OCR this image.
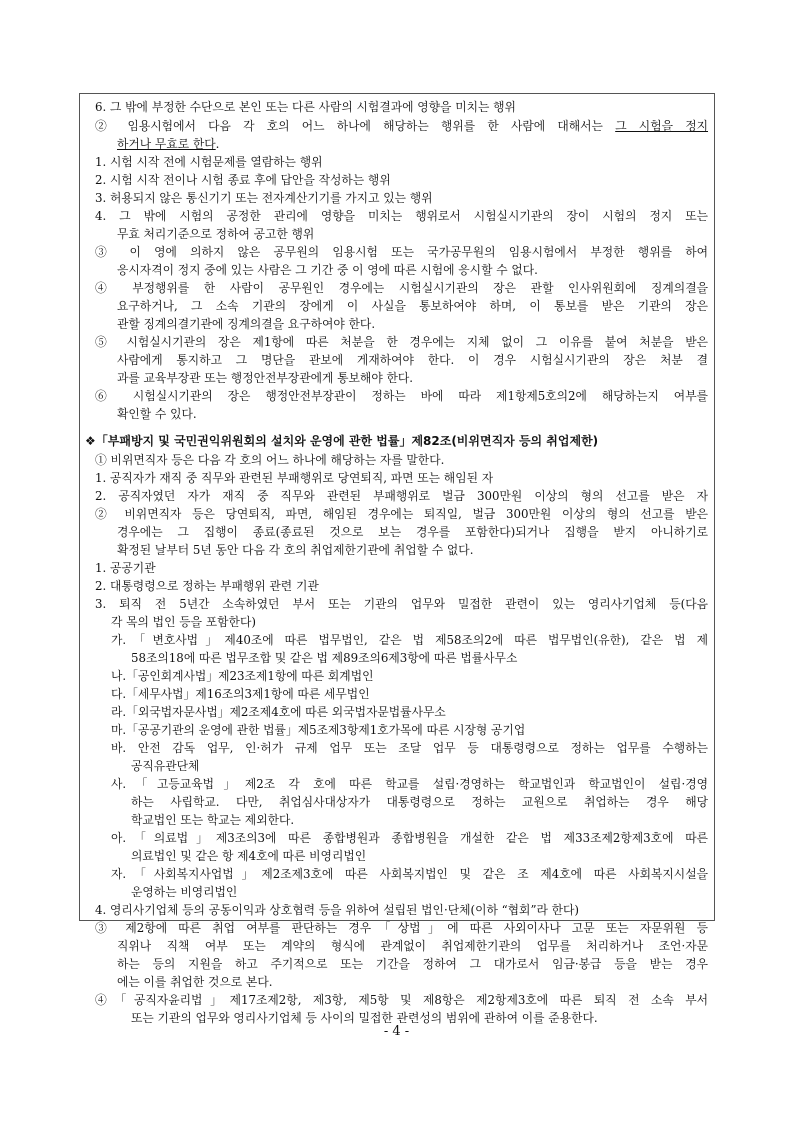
6. 그 밖에 부정한 수단으로 본인 또는 다른 사람의 시험결과에 영향을 미치는 행위
② 임용시험에서 다음 각 호의 어느 하나에 해당하는 행위를 한 사람에 대해서는 그 시험을 정지
하거나 무효로 한다.
1. 시험 시작 전에 시험문제를 열람하는 행위
2. 시험 시작 전이나 시험 종료 후에 답안을 작성하는 행위
3. 허용되지 않은 통신기기 또는 전자계산기기를 가지고 있는 행위
4. 그 밖에 시험의 공정한 관리에 영향을 미치는 행위로서 시험실시기관의 장이 시험의 정지 또는
무효 처리기준으로 정하여 공고한 행위
③ 이 영에 의하지 않은 공무원의 임용시험 또는 국가공무원의 임용시험에서 부정한 행위를 하여
응시자격이 정지 중에 있는 사람은 그 기간 중 이 영에 따른 시험에 응시할 수 없다.
④ 부정행위를 한 사람이 공무원인 경우에는 시험실시기관의 장은 관할 인사위원회에 징계의결을
요구하거나, 그 소속 기관의 장에게 이 사실을 통보하여야 하며, 이 통보를 받은 기관의 장은
관할 징계의결기관에 징계의결을 요구하여야 한다.
⑤ 시험실시기관의 장은 제1항에 따른 처분을 한 경우에는 지체 없이 그 이유를 붙여 처분을 받은
사람에게 통지하고 그 명단을 관보에 게재하여야 한다. 이 경우 시험실시기관의 장은 처분 결
과를 교육부장관 또는 행정안전부장관에게 통보해야 한다.
⑥ 시험실시기관의 장은 행정안전부장관이 정하는 바에 따라 제1항제5호의2에 해당하는지 여부를
확인할 수 있다.
❖「부패방지 및 국민권익위원회의 설치와 운영에 관한 법률」제82조(비위면직자 등의 취업제한)
① 비위면직자 등은 다음 각 호의 어느 하나에 해당하는 자를 말한다.
1. 공직자가 재직 중 직무와 관련된 부패행위로 당연퇴직, 파면 또는 해임된 자
2. 공직자였던 자가 재직 중 직무와 관련된 부패행위로 벌금 300만원 이상의 형의 선고를 받은 자
② 비위면직자 등은 당연퇴직, 파면, 해임된 경우에는 퇴직일, 벌금 300만원 이상의 형의 선고를 받은
경우에는 그 집행이 종료(종료된 것으로 보는 경우를 포함한다)되거나 집행을 받지 아니하기로
확정된 날부터 5년 동안 다음 각 호의 취업제한기관에 취업할 수 없다.
1. 공공기관
2. 대통령령으로 정하는 부패행위 관련 기관
3. 퇴직 전 5년간 소속하였던 부서 또는 기관의 업무와 밀접한 관련이 있는 영리사기업체 등(다음
각 목의 법인 등을 포함한다)
가.「변호사법」제40조에 따른 법무법인, 같은 법 제58조의2에 따른 법무법인(유한), 같은 법 제
58조의18에 따른 법무조합 및 같은 법 제89조의6제3항에 따른 법률사무소
나.「공인회계사법」제23조제1항에 따른 회계법인
다.「세무사법」제16조의3제1항에 따른 세무법인
라.「외국법자문사법」제2조제4호에 따른 외국법자문법률사무소
마.「공공기관의 운영에 관한 법률」제5조제3항제1호가목에 따른 시장형 공기업
바. 안전 감독 업무, 인·허가 규제 업무 또는 조달 업무 등 대통령령으로 정하는 업무를 수행하는
공직유관단체
사.「고등교육법」제2조 각 호에 따른 학교를 설립·경영하는 학교법인과 학교법인이 설립·경영
하는 사립학교. 다만, 취업심사대상자가 대통령령으로 정하는 교원으로 취업하는 경우 해당
학교법인 또는 학교는 제외한다.
아.「의료법」제3조의3에 따른 종합병원과 종합병원을 개설한 같은 법 제33조제2항제3호에 따른
의료법인 및 같은 항 제4호에 따른 비영리법인
자.「사회복지사업법」제2조제3호에 따른 사회복지법인 및 같은 조 제4호에 따른 사회복지시설을
운영하는 비영리법인
4. 영리사기업체 등의 공동이익과 상호협력 등을 위하여 설립된 법인·단체(이하 “협회”라 한다)
③ 제2항에 따른 취업 여부를 판단하는 경우「상법」에 따른 사외이사나 고문 또는 자문위원 등
직위나 직책 여부 또는 계약의 형식에 관계없이 취업제한기관의 업무를 처리하거나 조언·자문
하는 등의 지원을 하고 주기적으로 또는 기간을 정하여 그 대가로서 임금·봉급 등을 받는 경우
에는 이를 취업한 것으로 본다.
④「공직자윤리법」제17조제2항, 제3항, 제5항 및 제8항은 제2항제3호에 따른 퇴직 전 소속 부서
또는 기관의 업무와 영리사기업체 등 사이의 밀접한 관련성의 범위에 관하여 이를 준용한다.
- 4 -
